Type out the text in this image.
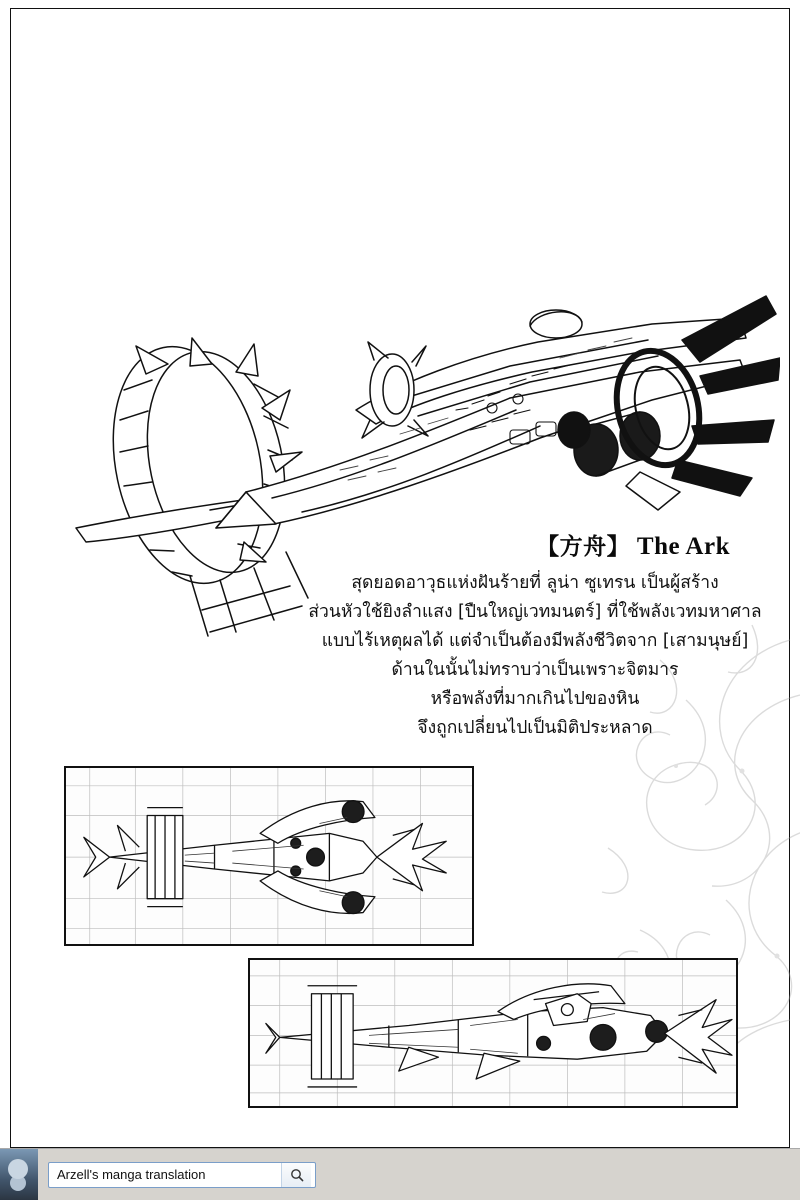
【方舟】 The Ark
สุดยอดอาวุธแห่งฝันร้ายที่ ลูน่า ซูเทรน เป็นผู้สร้าง
ส่วนหัวใช้ยิงลำแสง [ปืนใหญ่เวทมนตร์] ที่ใช้พลังเวทมหาศาล
แบบไร้เหตุผลได้ แต่จำเป็นต้องมีพลังชีวิตจาก [เสามนุษย์]
ด้านในนั้นไม่ทราบว่าเป็นเพราะจิตมาร
หรือพลังที่มากเกินไปของหิน
จึงถูกเปลี่ยนไปเป็นมิติประหลาด
Arzell's manga translation
